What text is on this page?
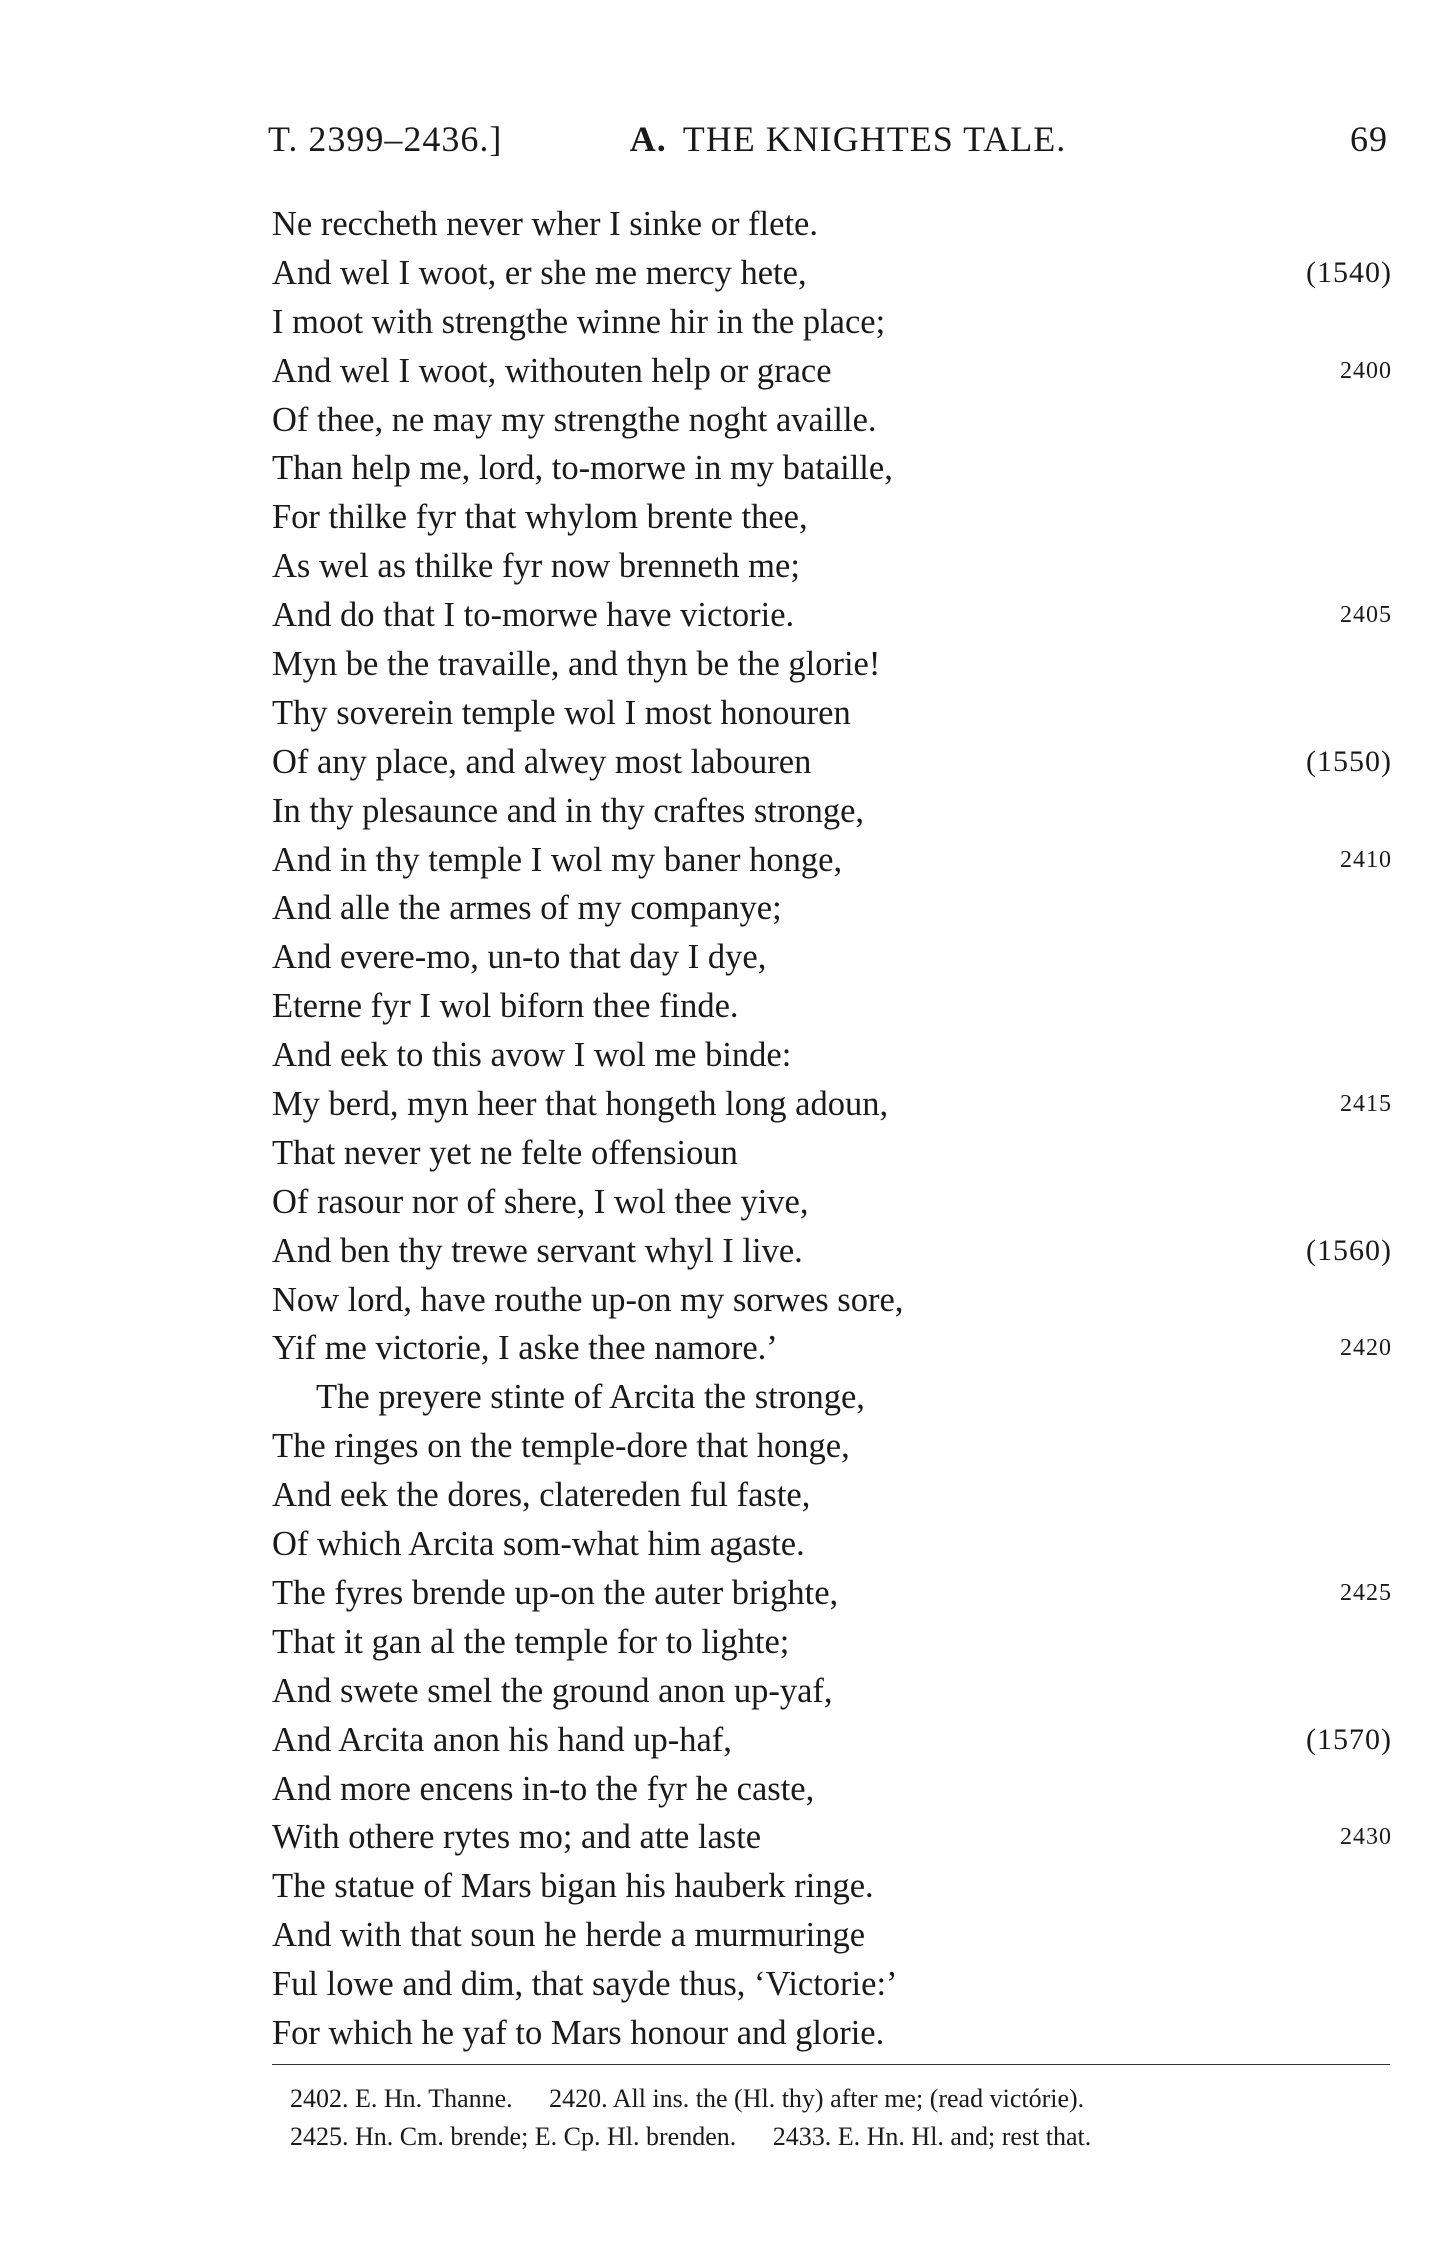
T. 2399–2436.]	A. THE KNIGHTES TALE.	69
Ne reccheth never wher I sinke or flete.
And wel I woot, er she me mercy hete,	(1540)
I moot with strengthe winne hir in the place;
And wel I woot, withouten help or grace	2400
Of thee, ne may my strengthe noght availle.
Than help me, lord, to-morwe in my bataille,
For thilke fyr that whylom brente thee,
As wel as thilke fyr now brenneth me;
And do that I to-morwe have victorie.	2405
Myn be the travaille, and thyn be the glorie!
Thy soverein temple wol I most honouren
Of any place, and alwey most labouren	(1550)
In thy plesaunce and in thy craftes stronge,
And in thy temple I wol my baner honge,	2410
And alle the armes of my companye;
And evere-mo, un-to that day I dye,
Eterne fyr I wol biforn thee finde.
And eek to this avow I wol me binde:
My berd, myn heer that hongeth long adoun,	2415
That never yet ne felte offensioun
Of rasour nor of shere, I wol thee yive,
And ben thy trewe servant whyl I live.	(1560)
Now lord, have routhe up-on my sorwes sore,
Yif me victorie, I aske thee namore.’	2420
The preyere stinte of Arcita the stronge,
The ringes on the temple-dore that honge,
And eek the dores, clatereden ful faste,
Of which Arcita som-what him agaste.
The fyres brende up-on the auter brighte,	2425
That it gan al the temple for to lighte;
And swete smel the ground anon up-yaf,
And Arcita anon his hand up-haf,	(1570)
And more encens in-to the fyr he caste,
With othere rytes mo; and atte laste	2430
The statue of Mars bigan his hauberk ringe.
And with that soun he herde a murmuringe
Ful lowe and dim, that sayde thus, ‘Victorie:’
For which he yaf to Mars honour and glorie.
2402. E. Hn. Thanne. 2420. All ins. the (Hl. thy) after me; (read victórie).
2425. Hn. Cm. brende; E. Cp. Hl. brenden. 2433. E. Hn. Hl. and; rest that.
